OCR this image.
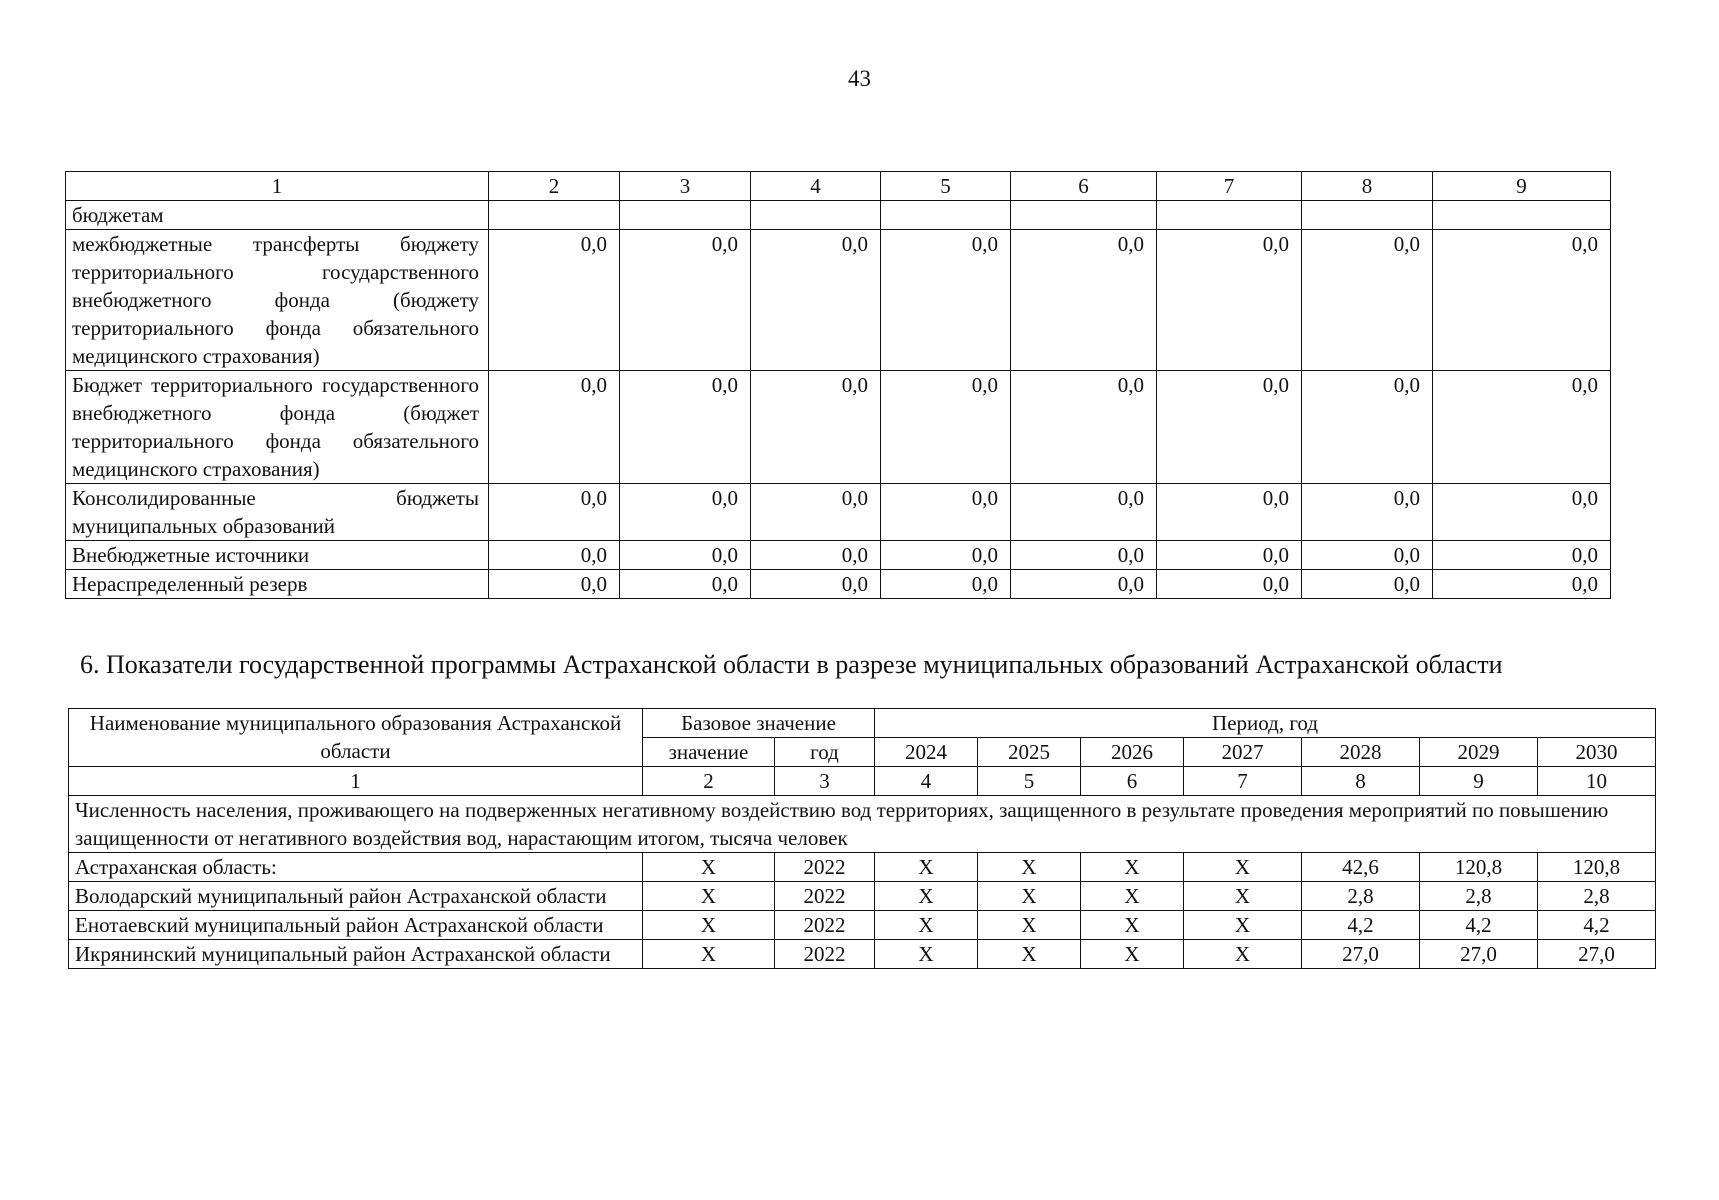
43
1	2	3	4	5	6	7	8	9
бюджетам								
межбюджетные трансферты бюджету территориального государственного внебюджетного фонда (бюджету территориального фонда обязательного медицинского страхования)	0,0	0,0	0,0	0,0	0,0	0,0	0,0	0,0
Бюджет территориального государственного внебюджетного фонда (бюджет территориального фонда обязательного медицинского страхования)	0,0	0,0	0,0	0,0	0,0	0,0	0,0	0,0
Консолидированные бюджеты муниципальных образований	0,0	0,0	0,0	0,0	0,0	0,0	0,0	0,0
Внебюджетные источники	0,0	0,0	0,0	0,0	0,0	0,0	0,0	0,0
Нераспределенный резерв	0,0	0,0	0,0	0,0	0,0	0,0	0,0	0,0
6. Показатели государственной программы Астраханской области в разрезе муниципальных образований Астраханской области
Наименование муниципального образования Астраханской области	Базовое значение		Период, год						
	значение	год	2024	2025	2026	2027	2028	2029	2030
1	2	3	4	5	6	7	8	9	10
Численность населения, проживающего на подверженных негативному воздействию вод территориях, защищенного в результате проведения мероприятий по повышению защищенности от негативного воздействия вод, нарастающим итогом, тысяча человек									
Астраханская область:	X	2022	X	X	X	X	42,6	120,8	120,8
Володарский муниципальный район Астраханской области	X	2022	X	X	X	X	2,8	2,8	2,8
Енотаевский муниципальный район Астраханской области	X	2022	X	X	X	X	4,2	4,2	4,2
Икрянинский муниципальный район Астраханской области	X	2022	X	X	X	X	27,0	27,0	27,0
